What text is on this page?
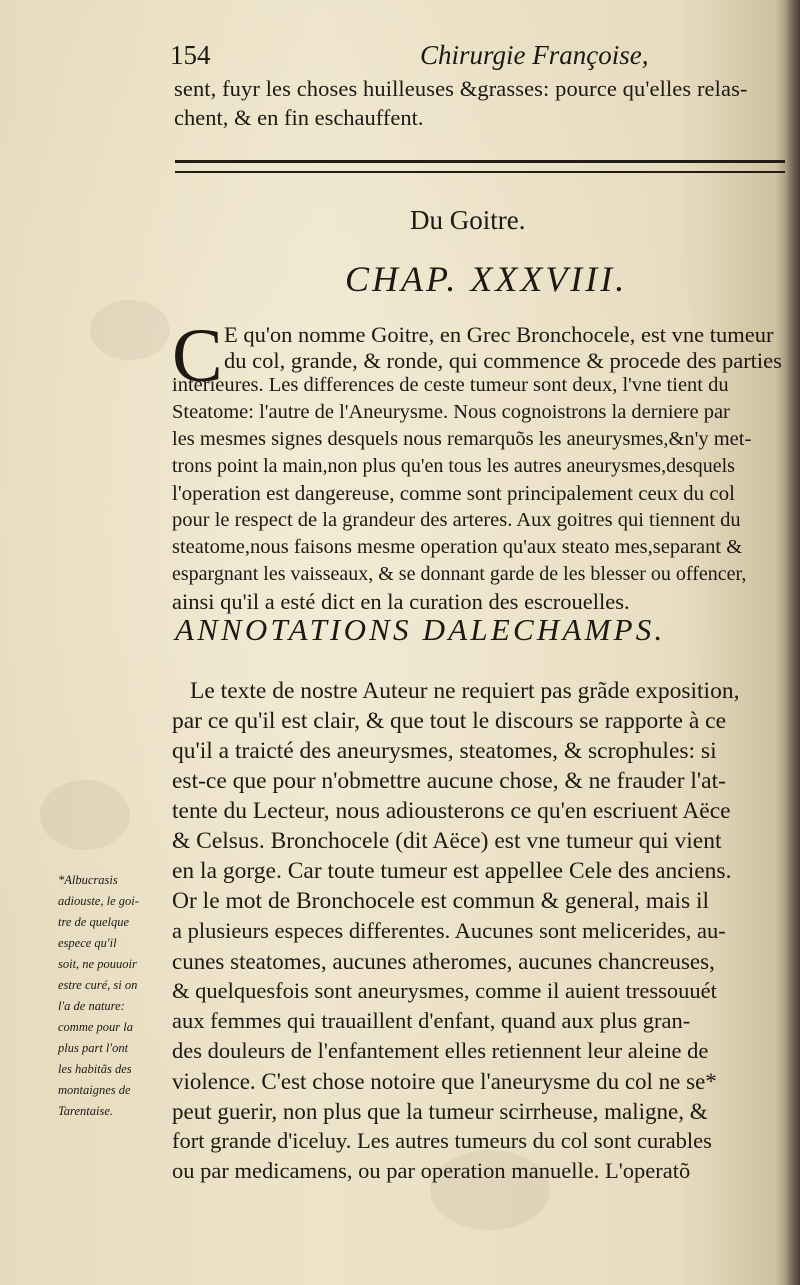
154	Chirurgie Françoise,
sent, fuyr les choses huilleuses &grasses: pource qu'elles relas-
chent, & en fin eschauffent.
Du Goitre.
CHAP. XXXVIII.
C E qu'on nomme Goitre, en Grec Bronchocele, est vne tumeur
du col, grande, & ronde, qui commence & procede des parties
interieures. Les differences de ceste tumeur sont deux, l'vne tient du
Steatome: l'autre de l'Aneurysme. Nous cognoistrons la derniere par
les mesmes signes desquels nous remarquõs les aneurysmes,&n'y met-
trons point la main,non plus qu'en tous les autres aneurysmes,desquels
l'operation est dangereuse, comme sont principalement ceux du col
pour le respect de la grandeur des arteres. Aux goitres qui tiennent du
steatome,nous faisons mesme operation qu'aux steato mes,separant &
espargnant les vaisseaux, & se donnant garde de les blesser ou offencer,
ainsi qu'il a esté dict en la curation des escrouelles.
ANNOTATIONS DALECHAMPS.
Le texte de nostre Auteur ne requiert pas grãde exposition,
par ce qu'il est clair, & que tout le discours se rapporte à ce
qu'il a traicté des aneurysmes, steatomes, & scrophules: si
est-ce que pour n'obmettre aucune chose, & ne frauder l'at-
tente du Lecteur, nous adiousterons ce qu'en escriuent Aëce
& Celsus. Bronchocele (dit Aëce) est vne tumeur qui vient
en la gorge. Car toute tumeur est appellee Cele des anciens.
Or le mot de Bronchocele est commun & general, mais il
a plusieurs especes differentes. Aucunes sont melicerides, au-
cunes steatomes, aucunes atheromes, aucunes chancreuses,
& quelquesfois sont aneurysmes, comme il auient tressouuét
aux femmes qui trauaillent d'enfant, quand aux plus gran-
des douleurs de l'enfantement elles retiennent leur aleine de
violence. C'est chose notoire que l'aneurysme du col ne se*
peut guerir, non plus que la tumeur scirrheuse, maligne, &
fort grande d'iceluy. Les autres tumeurs du col sont curables
ou par medicamens, ou par operation manuelle. L'operatõ
*Albucrasis
adiouste, le goi-
tre de quelque
espece qu'il
soit, ne pouuoir
estre curé, si on
l'a de nature:
comme pour la
plus part l'ont
les habitãs des
montaignes de
Tarentaise.
